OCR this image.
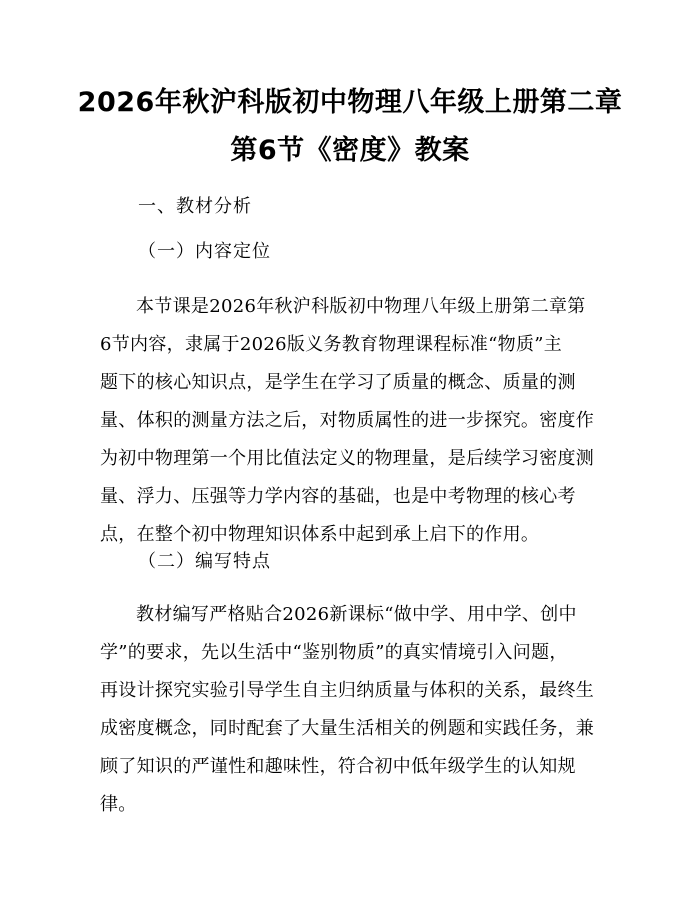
2026年秋沪科版初中物理八年级上册第二章
第6节《密度》教案
一、教材分析
（一）内容定位
本节课是2026年秋沪科版初中物理八年级上册第二章第
6节内容，隶属于2026版义务教育物理课程标准“物质”主
题下的核心知识点，是学生在学习了质量的概念、质量的测
量、体积的测量方法之后，对物质属性的进一步探究。密度作
为初中物理第一个用比值法定义的物理量，是后续学习密度测
量、浮力、压强等力学内容的基础，也是中考物理的核心考
点，在整个初中物理知识体系中起到承上启下的作用。
（二）编写特点
教材编写严格贴合2026新课标“做中学、用中学、创中
学”的要求，先以生活中“鉴别物质”的真实情境引入问题，
再设计探究实验引导学生自主归纳质量与体积的关系，最终生
成密度概念，同时配套了大量生活相关的例题和实践任务，兼
顾了知识的严谨性和趣味性，符合初中低年级学生的认知规
律。
